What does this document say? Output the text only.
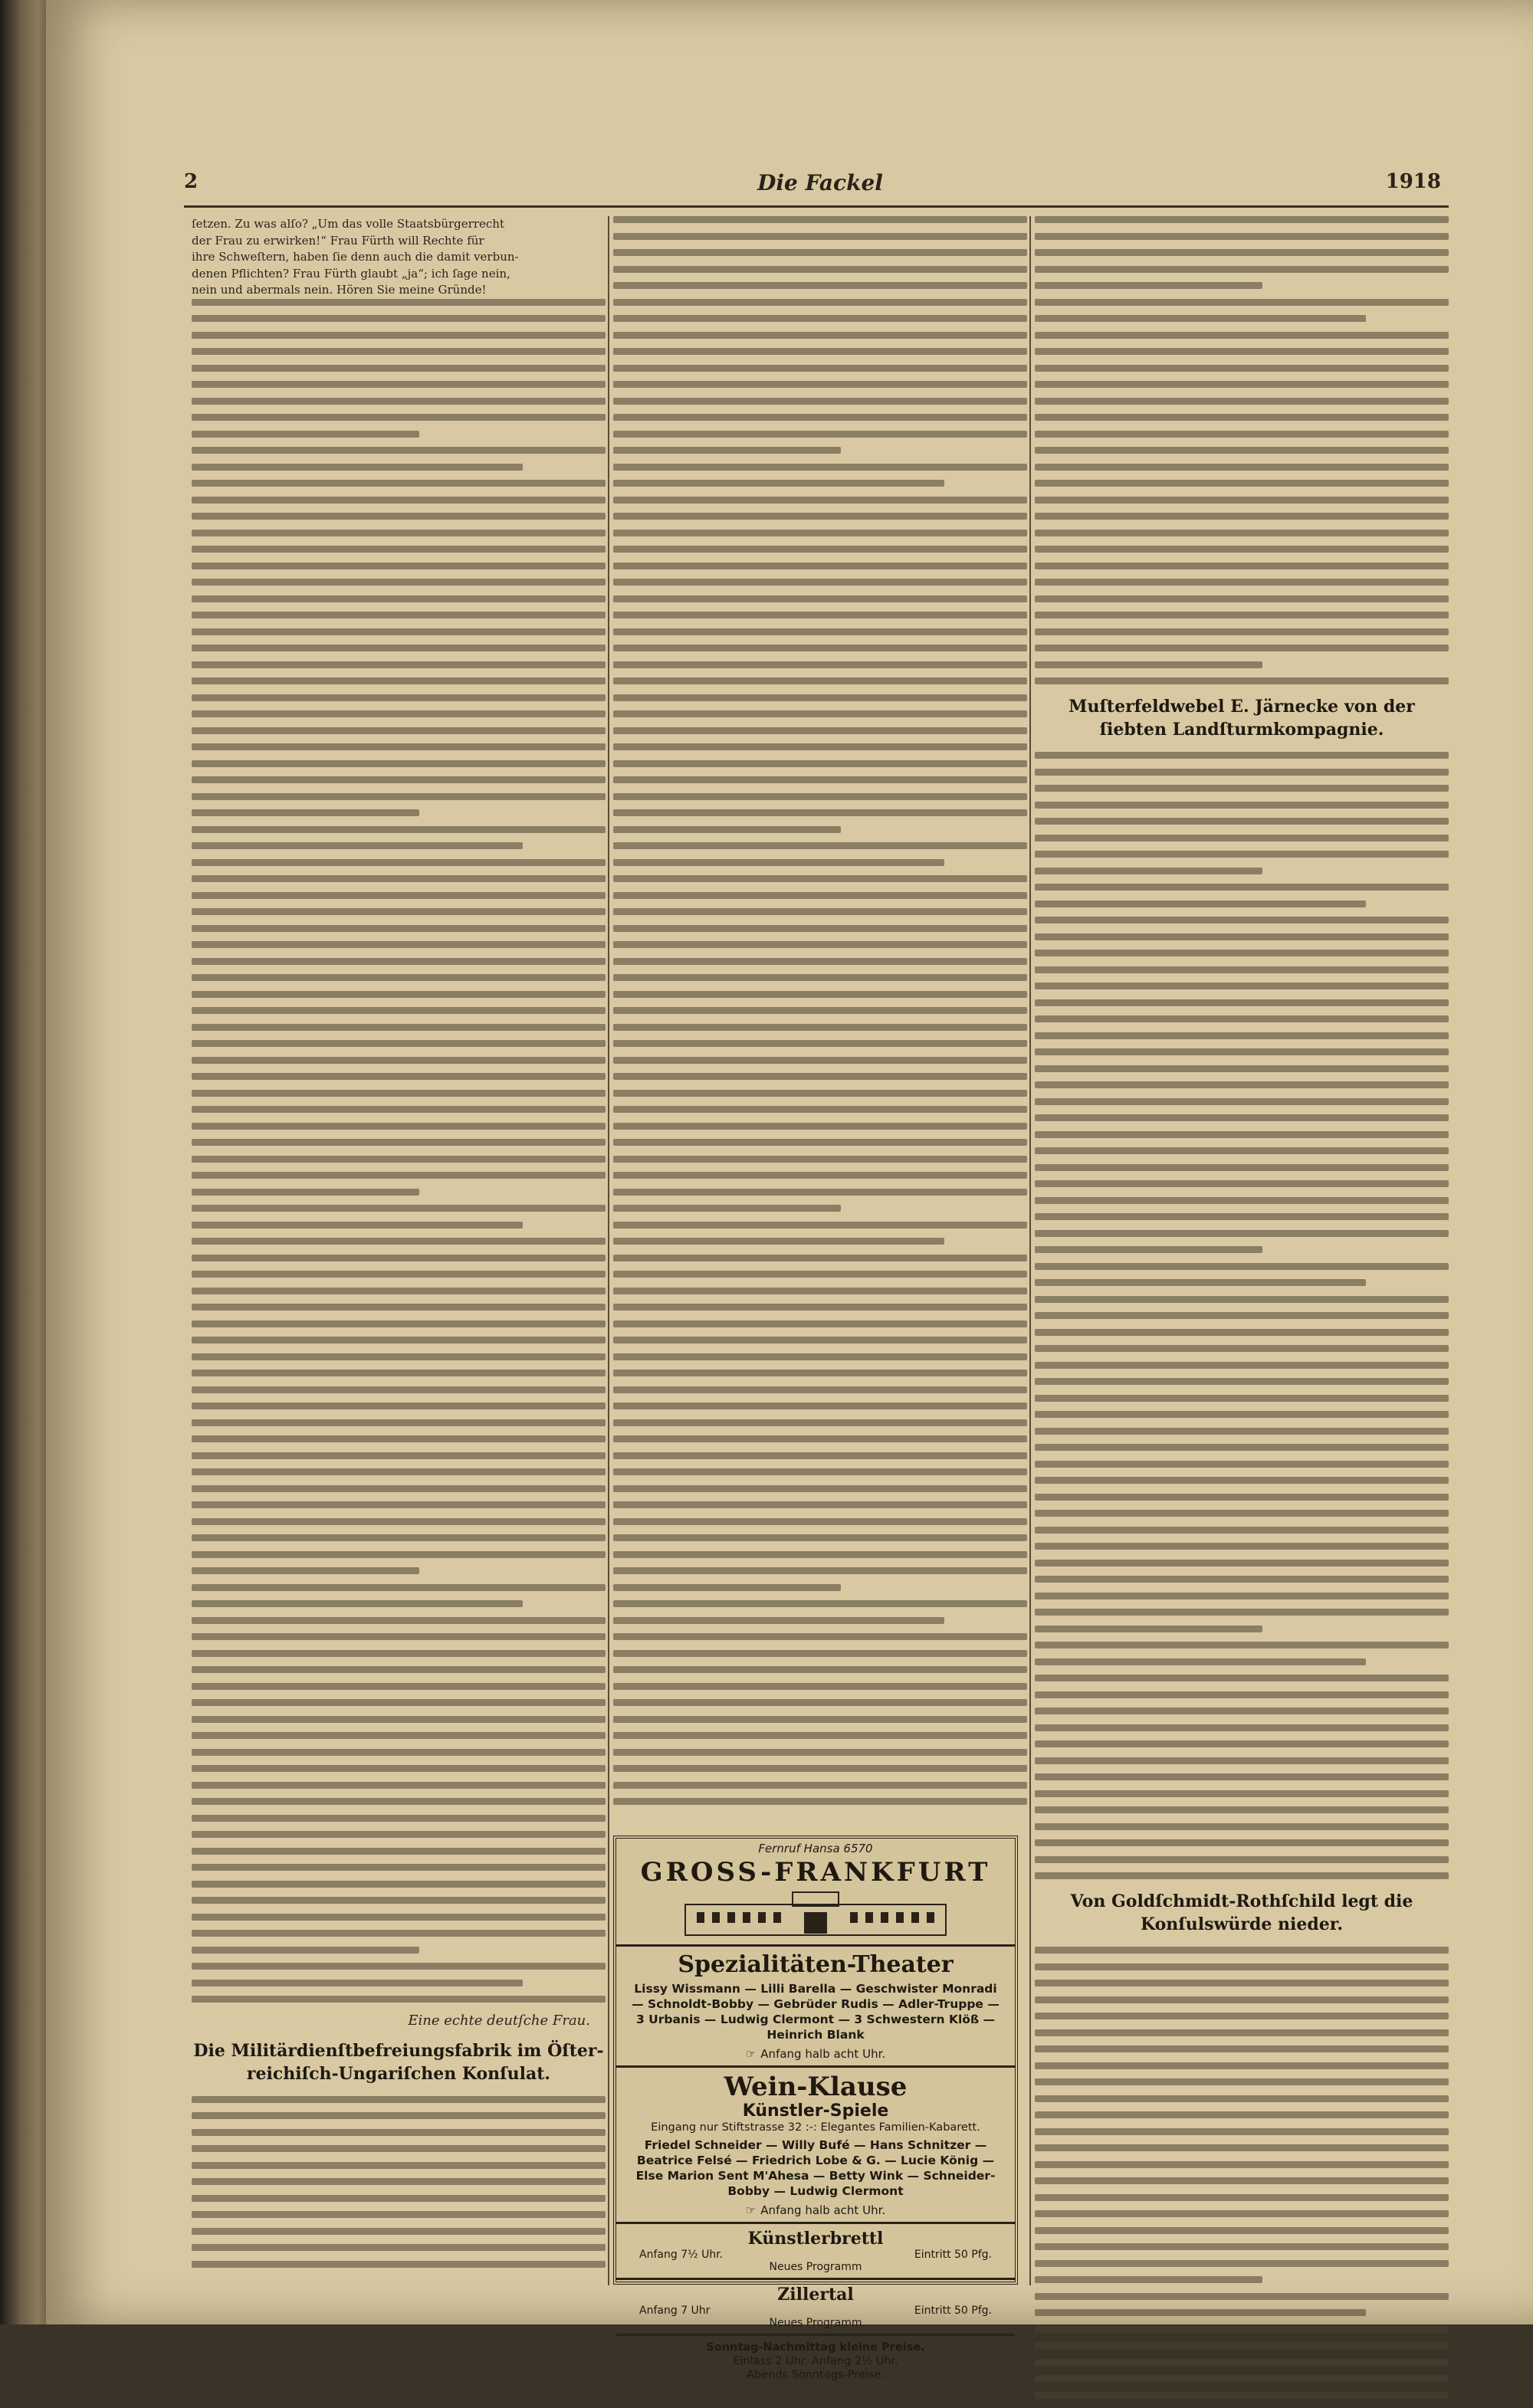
2	Die Fackel	1918
ſetzen. Zu was alſo? „Um das volle Staatsbürgerrecht
der Frau zu erwirken!“ Frau Fürth will Rechte für
ihre Schweſtern, haben ſie denn auch die damit verbun-
denen Pflichten? Frau Fürth glaubt „ja“; ich ſage nein,
nein und abermals nein. Hören Sie meine Gründe!
Eine echte deutſche Frau.
Die Militärdienſtbefreiungsfabrik im Öſter-reichiſch-Ungariſchen Konſulat.
Fernruf Hansa 6570
GROSS-FRANKFURT
Spezialitäten-Theater
Lissy Wissmann — Lilli Barella — Geschwister Monradi — Schnoldt-Bobby — Gebrüder Rudis — Adler-Truppe — 3 Urbanis — Ludwig Clermont — 3 Schwestern Klöß — Heinrich Blank
☞ Anfang halb acht Uhr.
Wein-Klause
Künstler-Spiele
Eingang nur Stiftstrasse 32 :-: Elegantes Familien-Kabarett.
Friedel Schneider — Willy Bufé — Hans Schnitzer — Beatrice Felsé — Friedrich Lobe & G. — Lucie König — Else Marion Sent M'Ahesa — Betty Wink — Schneider-Bobby — Ludwig Clermont
☞ Anfang halb acht Uhr.
Künstlerbrettl
Anfang 7½ Uhr.	Eintritt 50 Pfg.
Neues Programm
Zillertal
Anfang 7 Uhr	Eintritt 50 Pfg.
Neues Programm
Sonntag-Nachmittag kleine Preise.
Einlass 2 Uhr. Anfang 2½ Uhr.
Abends Sonntags-Preise.
Muſterfeldwebel E. Järnecke von der ſiebten Landſturmkompagnie.
Von Goldſchmidt-Rothſchild legt die Konſulswürde nieder.
